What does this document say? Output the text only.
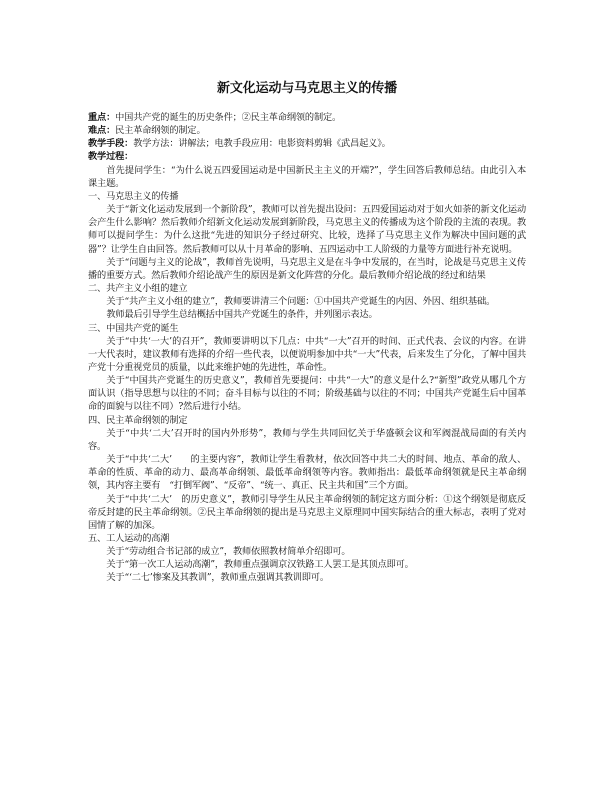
新文化运动与马克思主义的传播

重点：中国共产党的诞生的历史条件；②民主革命纲领的制定。

难点：民主革命纲领的制定。

教学手段：教学方法：讲解法；电教手段应用：电影资料剪辑《武昌起义》。

教学过程：

首先提问学生：“为什么说五四爱国运动是中国新民主主义的开端?”，学生回答后教师总结。由此引入本课主题。

一、马克思主义的传播

关于“新文化运动发展到一个新阶段”，教师可以首先提出设问：五四爱国运动对于如火如荼的新文化运动会产生什么影响？然后教师介绍新文化运动发展到新阶段，马克思主义的传播成为这个阶段的主流的表现。教师可以提问学生：为什么这批“先进的知识分子经过研究、比较，选择了马克思主义作为解决中国问题的武器”？让学生自由回答。然后教师可以从十月革命的影响、五四运动中工人阶级的力量等方面进行补充说明。

关于“问题与主义的论战”，教师首先说明，马克思主义是在斗争中发展的，在当时，论战是马克思主义传播的重要方式。然后教师介绍论战产生的原因是新文化阵营的分化。最后教师介绍论战的经过和结果

二、共产主义小组的建立

关于“共产主义小组的建立”，教师要讲清三个问题：①中国共产党诞生的内因、外因、组织基础。

教师最后引导学生总结概括中国共产党诞生的条件，并列图示表达。

三、中国共产党的诞生

关于“中共‘一大’的召开”，教师要讲明以下几点：中共“一大”召开的时间、正式代表、会议的内容。在讲一大代表时，建议教师有选择的介绍一些代表，以便说明参加中共“一大”代表，后来发生了分化，了解中国共产党十分重视党员的质量，以此来维护她的先进性，革命性。

关于“中国共产党诞生的历史意义”，教师首先要提问：中共“一大”的意义是什么?“新型”政党从哪几个方面认识（指导思想与以往的不同；奋斗目标与以往的不同；阶级基础与以往的不同；中国共产党诞生后中国革命的面貌与以往不同）?然后进行小结。

四、民主革命纲领的制定

关于“中共‘二大’召开时的国内外形势”，教师与学生共同回忆关于华盛顿会议和军阀混战局面的有关内容。

关于“中共‘二大’　　的主要内容”，教师让学生看教材，依次回答中共二大的时间、地点、革命的敌人、革命的性质、革命的动力、最高革命纲领、最低革命纲领等内容。教师指出：最低革命纲领就是民主革命纲领，其内容主要有　“打倒军阀”、“反帝”、“统一、真正、民主共和国”三个方面。

关于“中共‘二大’　的历史意义”，教师引导学生从民主革命纲领的制定这方面分析：①这个纲领是彻底反帝反封建的民主革命纲领。②民主革命纲领的提出是马克思主义原理同中国实际结合的重大标志，表明了党对国情了解的加深。

五、工人运动的高潮

关于“劳动组合书记部的成立”，教师依照教材简单介绍即可。

关于“第一次工人运动高潮”，教师重点强调京汉铁路工人罢工是其顶点即可。

关于“‘二七’惨案及其教训”，教师重点强调其教训即可。
